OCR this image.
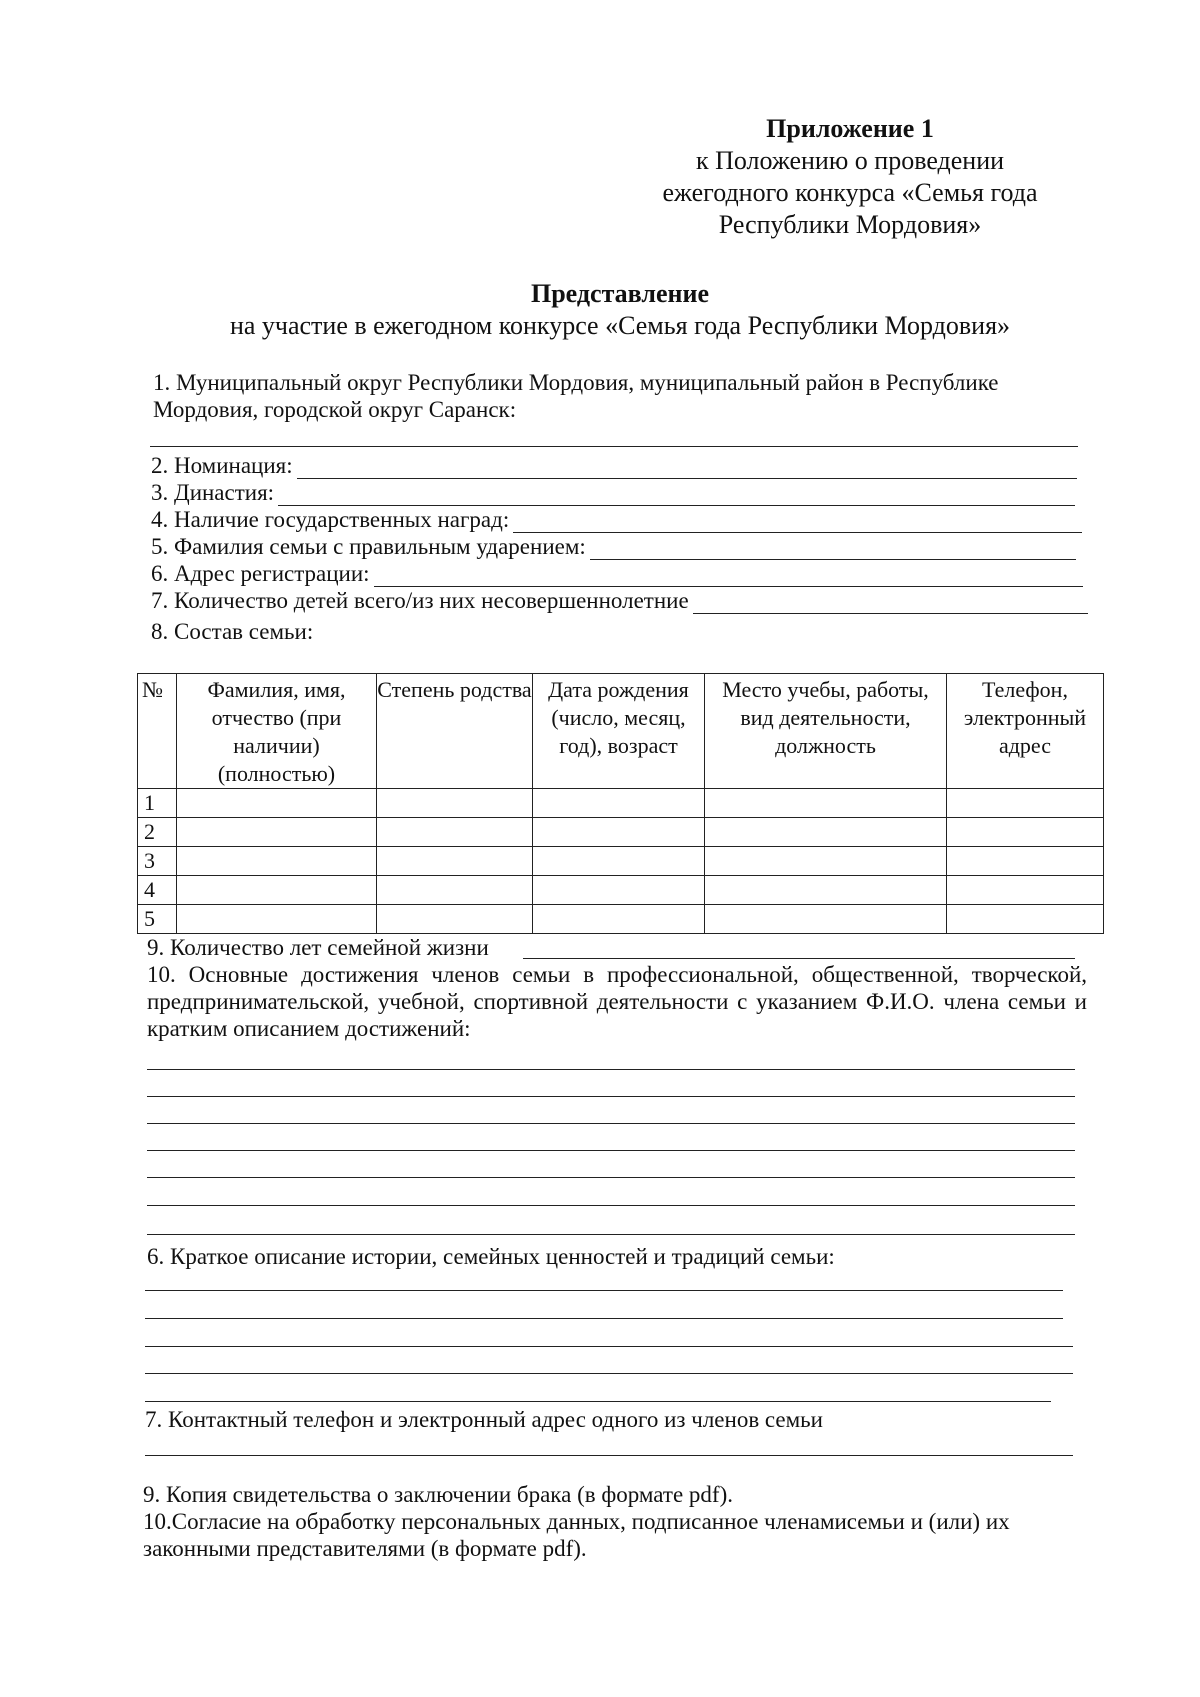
Приложение 1
к Положению о проведении
ежегодного конкурса «Семья года
Республики Мордовия»
Представление
на участие в ежегодном конкурсе «Семья года Республики Мордовия»
1. Муниципальный округ Республики Мордовия, муниципальный район в Республике Мордовия, городской округ Саранск:
2. Номинация:
3. Династия:
4. Наличие государственных наград:
5. Фамилия семьи с правильным ударением:
6. Адрес регистрации:
7. Количество детей всего/из них несовершеннолетние
8. Состав семьи:
№	Фамилия, имя, отчество (при наличии) (полностью)	Степень родства	Дата рождения (число, месяц, год), возраст	Место учебы, работы, вид деятельности, должность	Телефон, электронный адрес
1					
2					
3					
4					
5					
9. Количество лет семейной жизни
10. Основные достижения членов семьи в профессиональной, общественной, творческой, предпринимательской, учебной, спортивной деятельности с указанием Ф.И.О. члена семьи и кратким описанием достижений:
6. Краткое описание истории, семейных ценностей и традиций семьи:
7. Контактный телефон и электронный адрес одного из членов семьи
9. Копия свидетельства о заключении брака (в формате pdf).
10.Согласие на обработку персональных данных, подписанное членамисемьи и (или) их законными представителями (в формате pdf).
